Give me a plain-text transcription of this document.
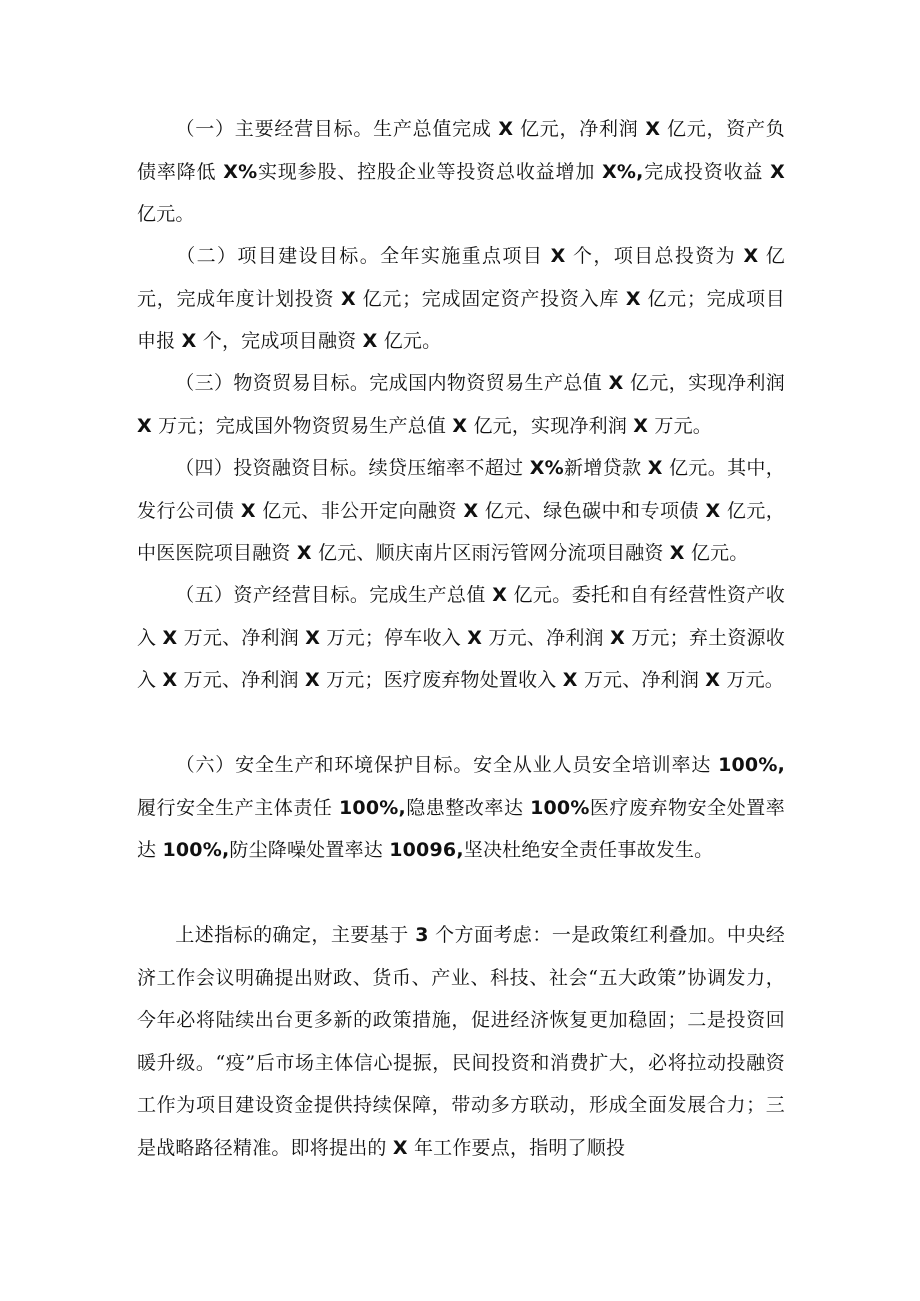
（一）主要经营目标。生产总值完成 X 亿元，净利润 X 亿元，资产负债率降低 X%实现参股、控股企业等投资总收益增加 X%,完成投资收益 X 亿元。

（二）项目建设目标。全年实施重点项目 X 个，项目总投资为 X 亿元，完成年度计划投资 X 亿元；完成固定资产投资入库 X 亿元；完成项目申报 X 个，完成项目融资 X 亿元。

（三）物资贸易目标。完成国内物资贸易生产总值 X 亿元，实现净利润 X 万元；完成国外物资贸易生产总值 X 亿元，实现净利润 X 万元。

（四）投资融资目标。续贷压缩率不超过 X%新增贷款 X 亿元。其中，发行公司债 X 亿元、非公开定向融资 X 亿元、绿色碳中和专项债 X 亿元，中医医院项目融资 X 亿元、顺庆南片区雨污管网分流项目融资 X 亿元。

（五）资产经营目标。完成生产总值 X 亿元。委托和自有经营性资产收入 X 万元、净利润 X 万元；停车收入 X 万元、净利润 X 万元；弃土资源收入 X 万元、净利润 X 万元；医疗废弃物处置收入 X 万元、净利润 X 万元。

（六）安全生产和环境保护目标。安全从业人员安全培训率达 100%,履行安全生产主体责任 100%,隐患整改率达 100%医疗废弃物安全处置率达 100%,防尘降噪处置率达 10096,坚决杜绝安全责任事故发生。

上述指标的确定，主要基于 3 个方面考虑：一是政策红利叠加。中央经济工作会议明确提出财政、货币、产业、科技、社会“五大政策”协调发力，今年必将陆续出台更多新的政策措施，促进经济恢复更加稳固；二是投资回暖升级。“疫”后市场主体信心提振，民间投资和消费扩大，必将拉动投融资工作为项目建设资金提供持续保障，带动多方联动，形成全面发展合力；三是战略路径精准。即将提出的 X 年工作要点，指明了顺投
